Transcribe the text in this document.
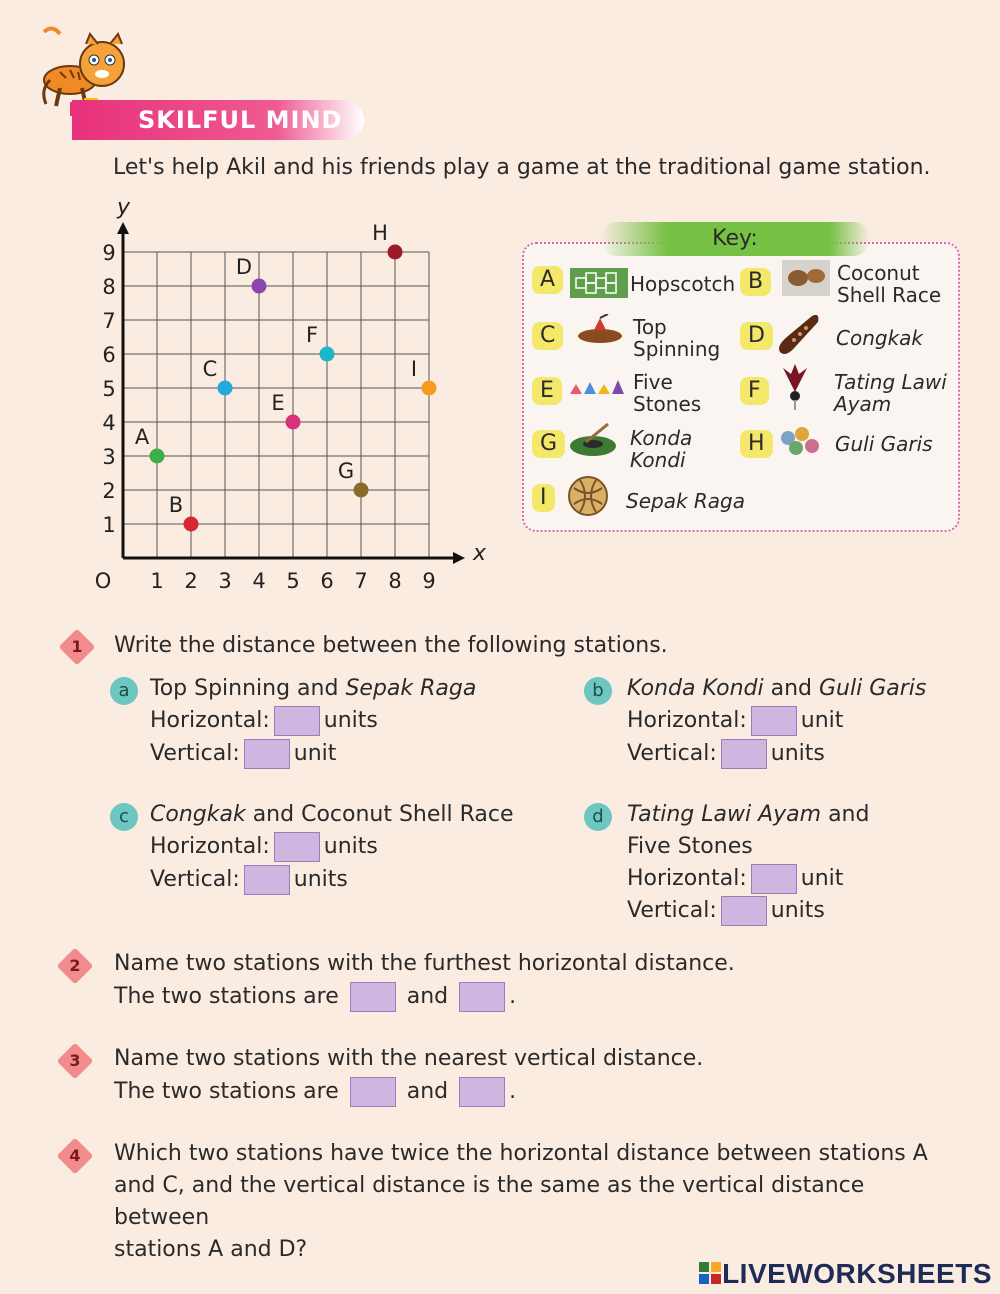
SKILFUL MIND
Let's help Akil and his friends play a game at the traditional game station.
x
y
O 1 2 3 4 5 6 7 8 9
1
2
3
4
5
6
7
8
9
A
B
C
D
E
F
G
H
I
Key:
A	Hopscotch B	Coconut
Shell Race
C	Top
Spinning
D	Congkak
E	Five
Stones
F	Tating Lawi
Ayam
G	Konda
Kondi
H	Guli Garis
I	Sepak Raga
1	Write the distance between the following stations.
a Top Spinning and Sepak Raga
Horizontal: units
Vertical: unit
b	Konda Kondi and Guli Garis
Horizontal: unit
Vertical: units
c Congkak and Coconut Shell Race
Horizontal: units
Vertical: units
d	Tating Lawi Ayam and
Five Stones
Horizontal: unit
Vertical: units
2	Name two stations with the furthest horizontal distance.
The two stations are	and	.
3	Name two stations with the nearest vertical distance.
The two stations are	and	.
4	Which two stations have twice the horizontal distance between stations A
and C, and the vertical distance is the same as the vertical distance between
stations A and D?
LIVEWORKSHEETS
